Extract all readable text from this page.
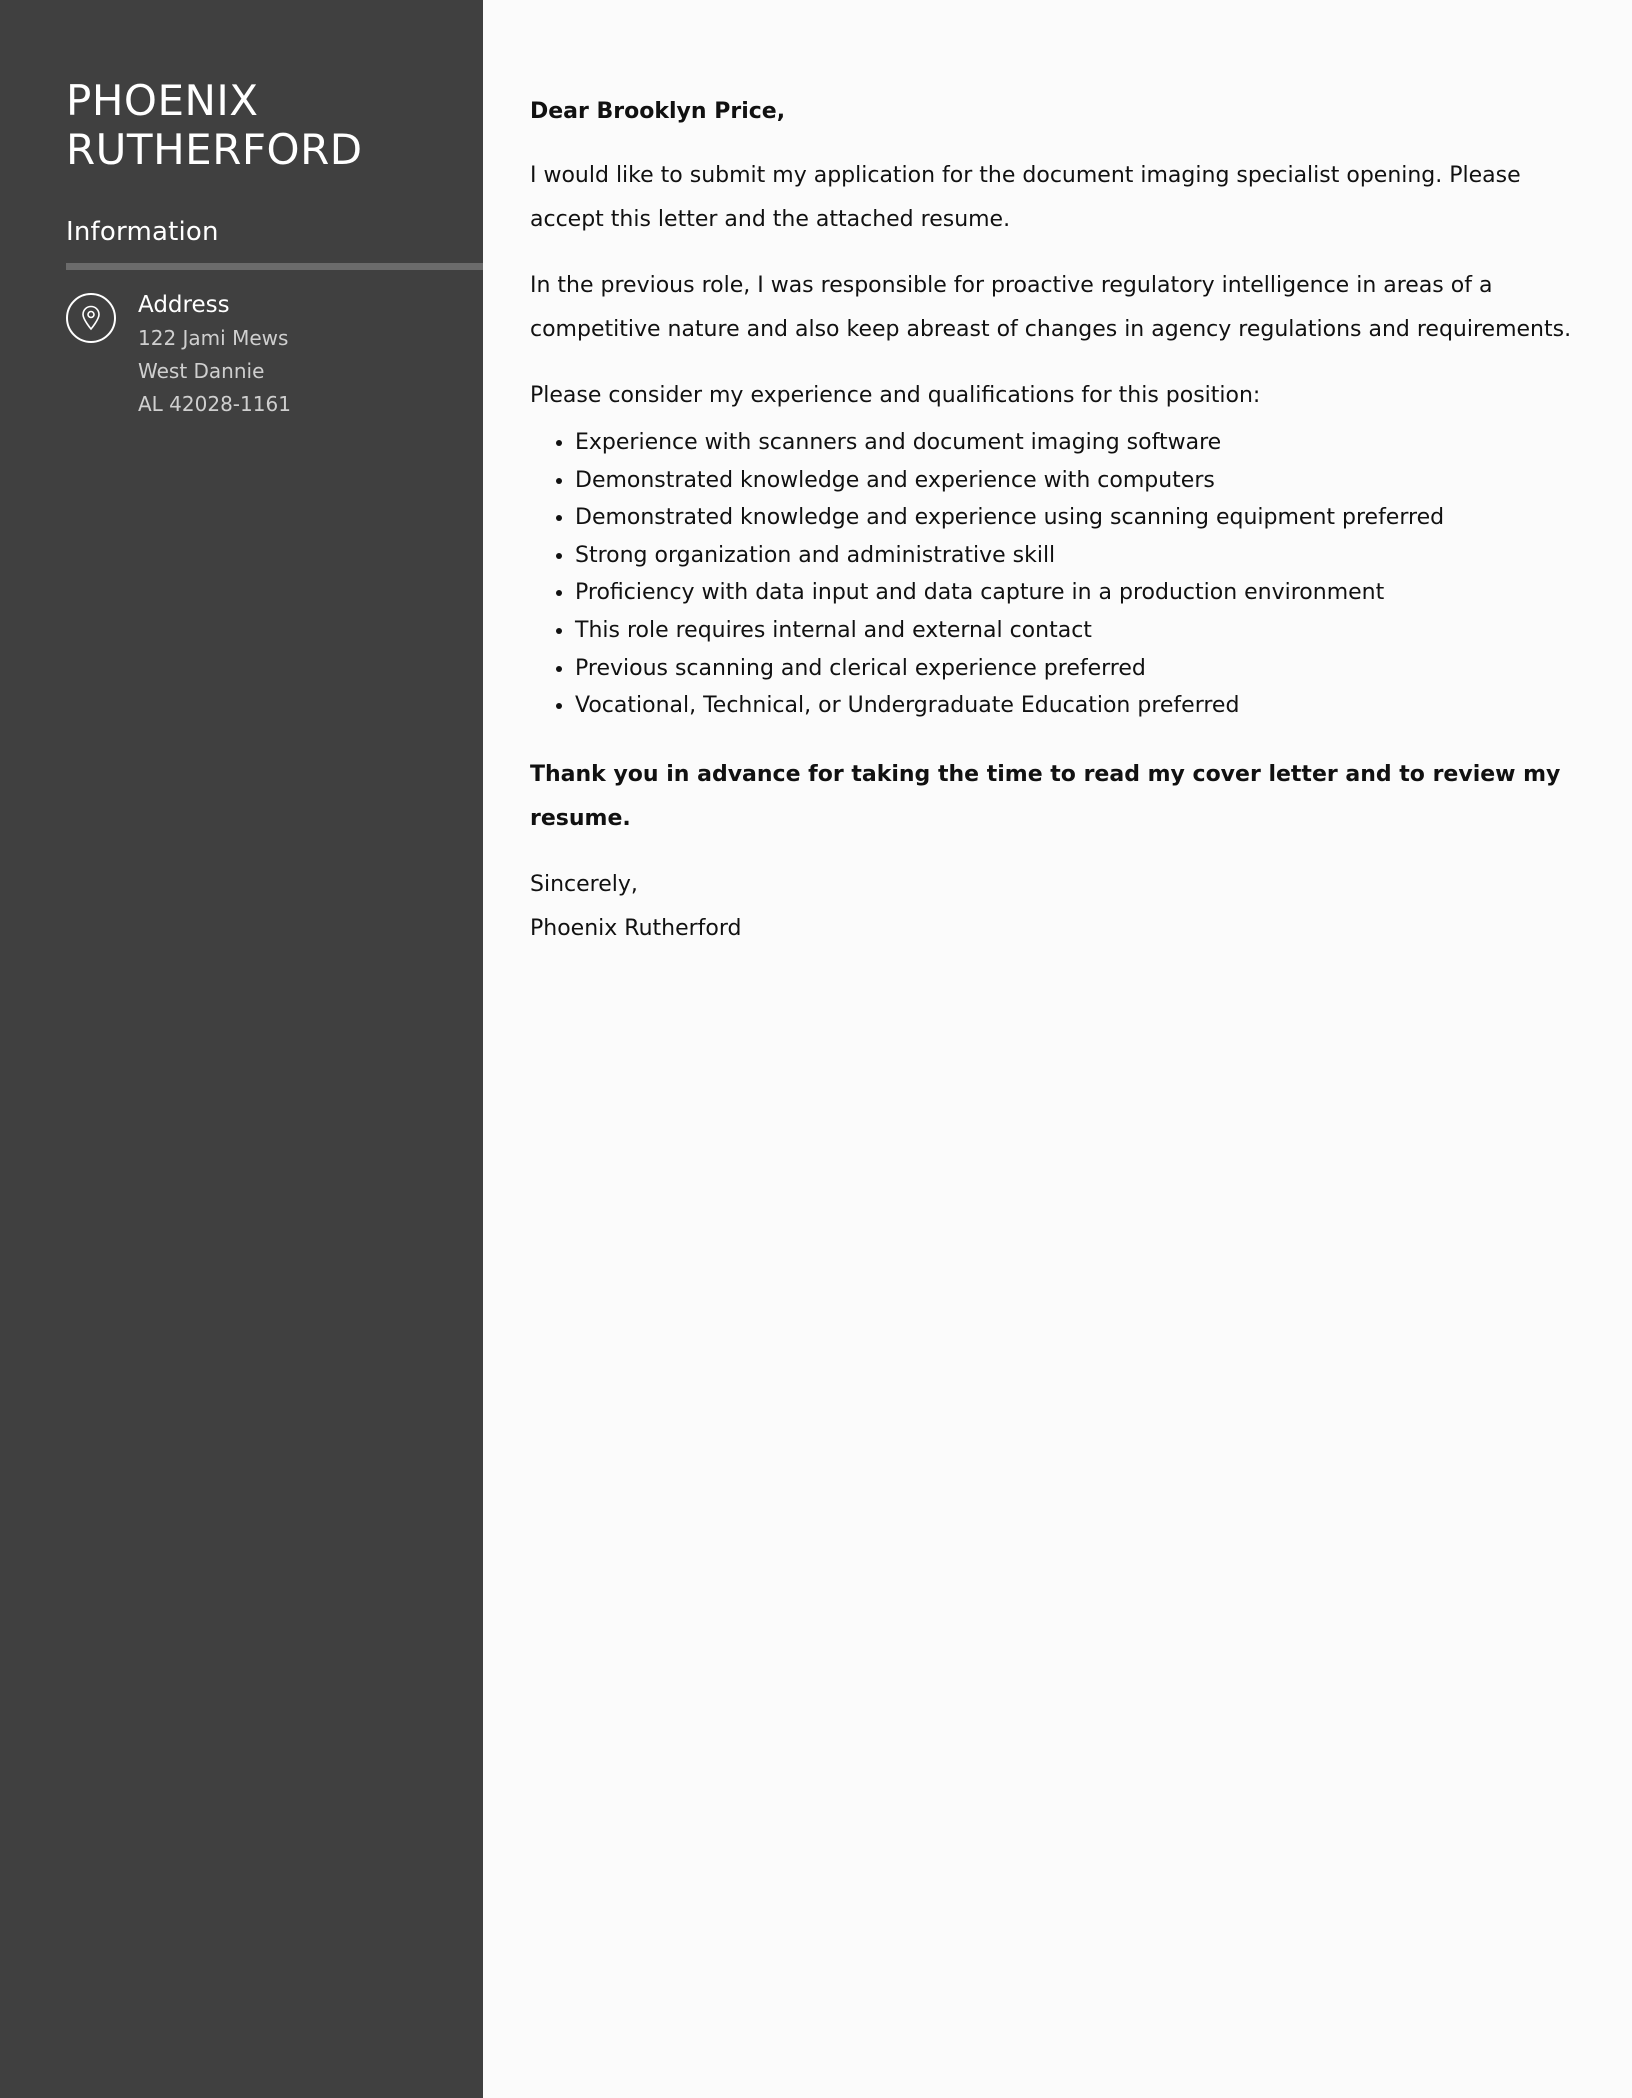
PHOENIX
RUTHERFORD
Information

Address

122 Jami Mews

West Dannie

AL 42028-1161

Dear Brooklyn Price,

I would like to submit my application for the document imaging specialist opening. Please accept this letter and the attached resume.

In the previous role, I was responsible for proactive regulatory intelligence in areas of a competitive nature and also keep abreast of changes in agency regulations and requirements.

Please consider my experience and qualifications for this position:

• Experience with scanners and document imaging software
• Demonstrated knowledge and experience with computers
• Demonstrated knowledge and experience using scanning equipment preferred
• Strong organization and administrative skill
• Proficiency with data input and data capture in a production environment
• This role requires internal and external contact
• Previous scanning and clerical experience preferred
• Vocational, Technical, or Undergraduate Education preferred

Thank you in advance for taking the time to read my cover letter and to review my resume.

Sincerely,

Phoenix Rutherford
